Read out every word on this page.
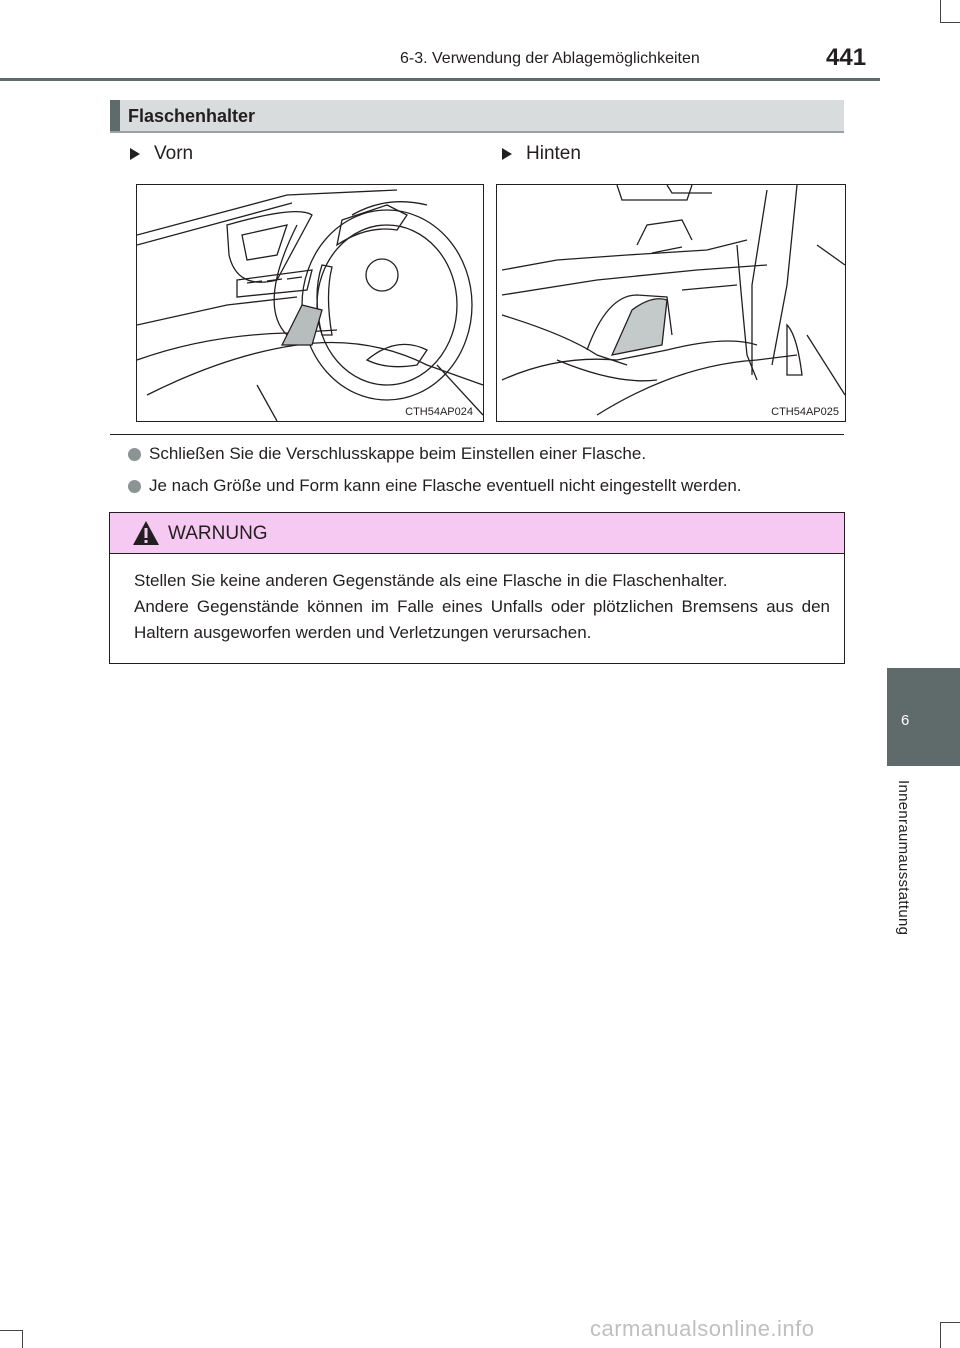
6-3. Verwendung der Ablagemöglichkeiten	441
Flaschenhalter
Vorn	Hinten
CTH54AP024	CTH54AP025
Schließen Sie die Verschlusskappe beim Einstellen einer Flasche.
Je nach Größe und Form kann eine Flasche eventuell nicht eingestellt werden.
WARNUNG
Stellen Sie keine anderen Gegenstände als eine Flasche in die Flaschenhalter.
Andere Gegenstände können im Falle eines Unfalls oder plötzlichen Bremsens aus den Haltern ausgeworfen werden und Verletzungen verursachen.
6
Innenraumausstattung
carmanualsonline.info
